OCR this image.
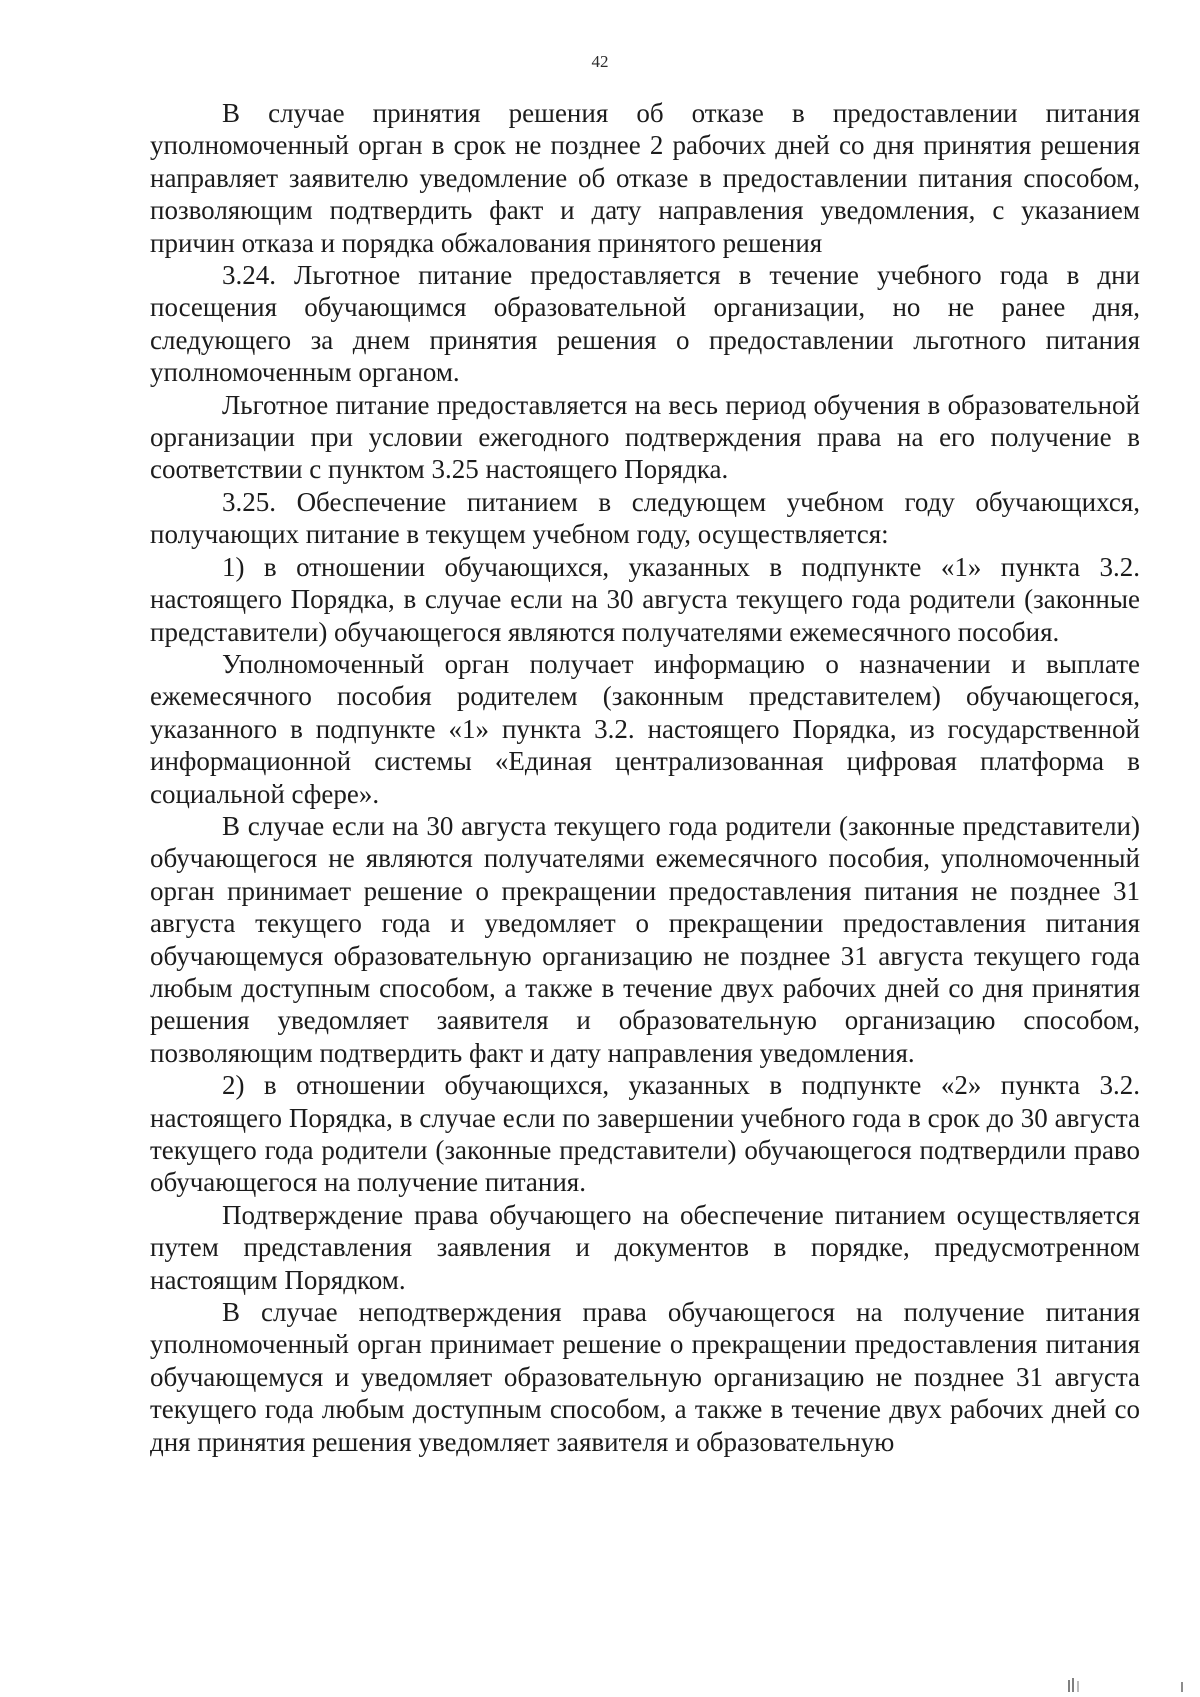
42

В случае принятия решения об отказе в предоставлении питания уполномоченный орган в срок не позднее 2 рабочих дней со дня принятия решения направляет заявителю уведомление об отказе в предоставлении питания способом, позволяющим подтвердить факт и дату направления уведомления, с указанием причин отказа и порядка обжалования принятого решения

3.24. Льготное питание предоставляется в течение учебного года в дни посещения обучающимся образовательной организации, но не ранее дня, следующего за днем принятия решения о предоставлении льготного питания уполномоченным органом.

Льготное питание предоставляется на весь период обучения в образовательной организации при условии ежегодного подтверждения права на его получение в соответствии с пунктом 3.25 настоящего Порядка.

3.25. Обеспечение питанием в следующем учебном году обучающихся, получающих питание в текущем учебном году, осуществляется:

1) в отношении обучающихся, указанных в подпункте «1» пункта 3.2. настоящего Порядка, в случае если на 30 августа текущего года родители (законные представители) обучающегося являются получателями ежемесячного пособия.

Уполномоченный орган получает информацию о назначении и выплате ежемесячного пособия родителем (законным представителем) обучающегося, указанного в подпункте «1» пункта 3.2. настоящего Порядка, из государственной информационной системы «Единая централизованная цифровая платформа в социальной сфере».

В случае если на 30 августа текущего года родители (законные представители) обучающегося не являются получателями ежемесячного пособия, уполномоченный орган принимает решение о прекращении предоставления питания не позднее 31 августа текущего года и уведомляет о прекращении предоставления питания обучающемуся образовательную организацию не позднее 31 августа текущего года любым доступным способом, а также в течение двух рабочих дней со дня принятия решения уведомляет заявителя и образовательную организацию способом, позволяющим подтвердить факт и дату направления уведомления.

2) в отношении обучающихся, указанных в подпункте «2» пункта 3.2. настоящего Порядка, в случае если по завершении учебного года в срок до 30 августа текущего года родители (законные представители) обучающегося подтвердили право обучающегося на получение питания.

Подтверждение права обучающего на обеспечение питанием осуществляется путем представления заявления и документов в порядке, предусмотренном настоящим Порядком.

В случае неподтверждения права обучающегося на получение питания уполномоченный орган принимает решение о прекращении предоставления питания обучающемуся и уведомляет образовательную организацию не позднее 31 августа текущего года любым доступным способом, а также в течение двух рабочих дней со дня принятия решения уведомляет заявителя и образовательную
